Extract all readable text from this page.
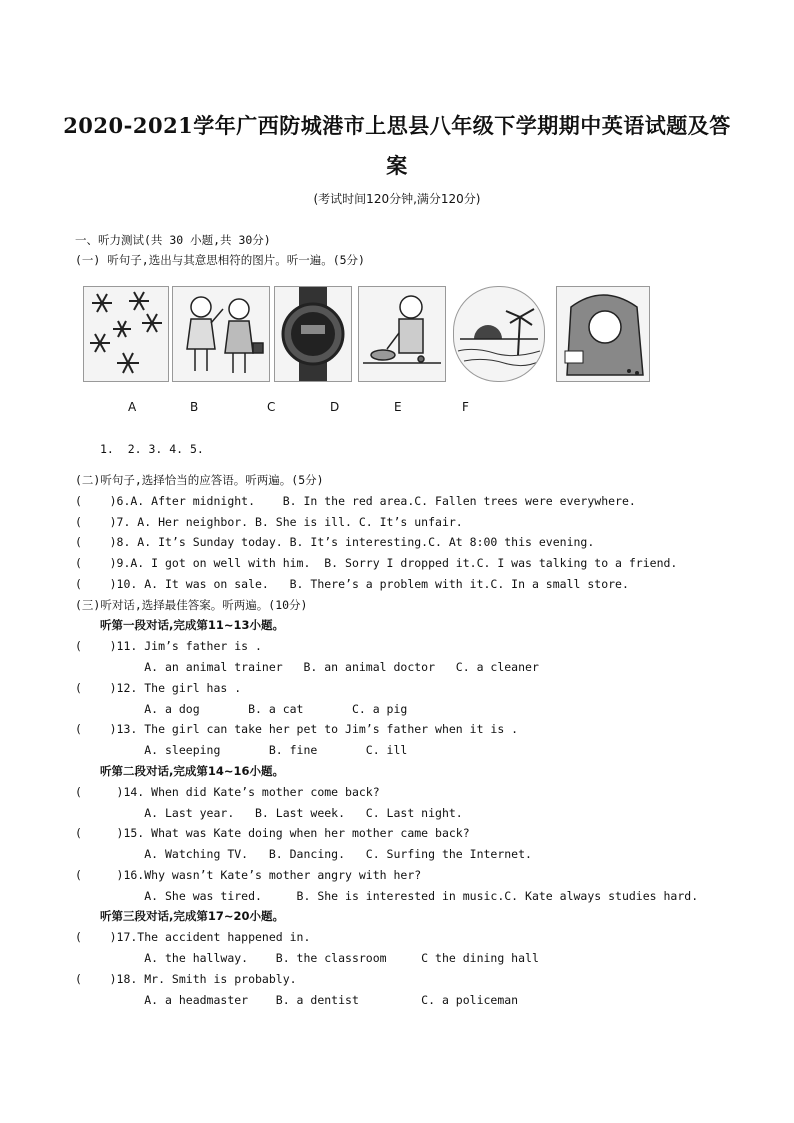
2020-2021学年广西防城港市上思县八年级下学期期中英语试题及答
案
(考试时间120分钟,满分120分)
一、听力测试(共 30 小题,共 30分)
(一) 听句子,选出与其意思相符的图片。听一遍。(5分)
A	B	C	D	E	F
1.  2. 3. 4. 5.
(二)听句子,选择恰当的应答语。听两遍。(5分)
(    )6.A. After midnight.    B. In the red area.C. Fallen trees were everywhere.
(    )7. A. Her neighbor. B. She is ill. C. It’s unfair.
(    )8. A. It’s Sunday today. B. It’s interesting.C. At 8:00 this evening.
(    )9.A. I got on well with him.  B. Sorry I dropped it.C. I was talking to a friend.
(    )10. A. It was on sale.   B. There’s a problem with it.C. In a small store.
(三)听对话,选择最佳答案。听两遍。(10分)
听第一段对话,完成第11~13小题。
(    )11. Jim’s father is .
A. an animal trainer   B. an animal doctor   C. a cleaner
(    )12. The girl has .
A. a dog       B. a cat       C. a pig
(    )13. The girl can take her pet to Jim’s father when it is .
A. sleeping       B. fine       C. ill
听第二段对话,完成第14~16小题。
(     )14. When did Kate’s mother come back?
A. Last year.   B. Last week.   C. Last night.
(     )15. What was Kate doing when her mother came back?
A. Watching TV.   B. Dancing.   C. Surfing the Internet.
(     )16.Why wasn’t Kate’s mother angry with her?
A. She was tired.     B. She is interested in music.C. Kate always studies hard.
听第三段对话,完成第17~20小题。
(    )17.The accident happened in.
A. the hallway.    B. the classroom     C the dining hall
(    )18. Mr. Smith is probably.
A. a headmaster    B. a dentist         C. a policeman
